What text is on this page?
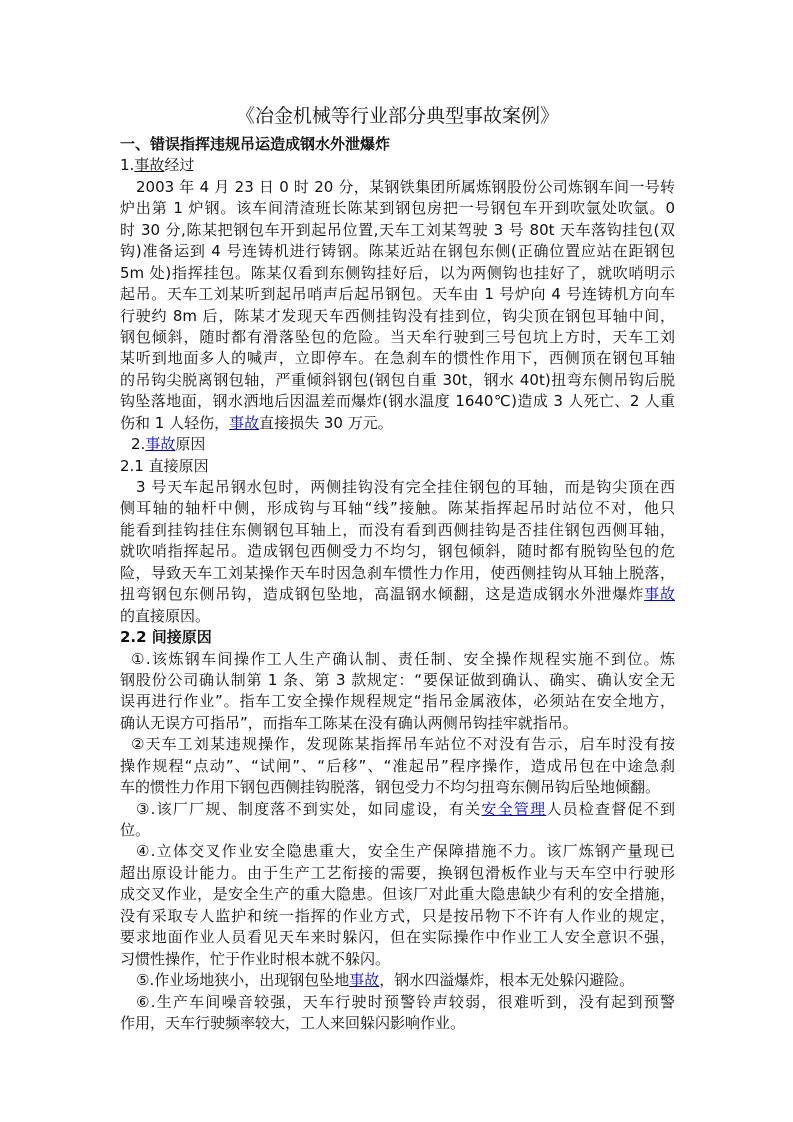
《冶金机械等行业部分典型事故案例》
一、错误指挥违规吊运造成钢水外泄爆炸
1.事故经过
2003 年 4 月 23 日 0 时 20 分，某钢铁集团所属炼钢股份公司炼钢车间一号转
炉出第 1 炉钢。该车间清渣班长陈某到钢包房把一号钢包车开到吹氩处吹氩。0
时 30 分,陈某把钢包车开到起吊位置,天车工刘某驾驶 3 号 80t 天车落钩挂包(双
钩)准备运到 4 号连铸机进行铸钢。陈某近站在钢包东侧(正确位置应站在距钢包
5m 处)指挥挂包。陈某仅看到东侧钩挂好后，以为两侧钩也挂好了，就吹哨明示
起吊。天车工刘某听到起吊哨声后起吊钢包。天车由 1 号炉向 4 号连铸机方向车
行驶约 8m 后，陈某才发现天车西侧挂钩没有挂到位，钩尖顶在钢包耳轴中间，
钢包倾斜，随时都有滑落坠包的危险。当天牟行驶到三号包坑上方时，天车工刘
某听到地面多人的喊声，立即停车。在急刹车的惯性作用下，西侧顶在钢包耳轴
的吊钩尖脱离钢包轴，严重倾斜钢包(钢包自重 30t，钢水 40t)扭弯东侧吊钩后脱
钩坠落地面，钢水洒地后因温差而爆炸(钢水温度 1640℃)造成 3 人死亡、2 人重
伤和 1 人轻伤，事故直接损失 30 万元。
2.事故原因
2.1 直接原因
3 号天车起吊钢水包时，两侧挂钩没有完全挂住钢包的耳轴，而是钩尖顶在西
侧耳轴的轴杆中侧，形成钩与耳轴“线”接触。陈某指挥起吊时站位不对，他只
能看到挂钩挂住东侧钢包耳轴上，而没有看到西侧挂钩是否挂住钢包西侧耳轴，
就吹哨指挥起吊。造成钢包西侧受力不均匀，钢包倾斜，随时都有脱钩坠包的危
险，导致天车工刘某操作天车时因急刹车惯性力作用，使西侧挂钩从耳轴上脱落，
扭弯钢包东侧吊钩，造成钢包坠地，高温钢水倾翻，这是造成钢水外泄爆炸事故
的直接原因。
2.2 间接原因
①.该炼钢车间操作工人生产确认制、责任制、安全操作规程实施不到位。炼
钢股份公司确认制第 1 条、第 3 款规定：“要保证做到确认、确实、确认安全无
误再进行作业”。指车工安全操作规程规定“指吊金属液体，必须站在安全地方，
确认无误方可指吊”，而指车工陈某在没有确认两侧吊钩挂牢就指吊。
②天车工刘某违规操作，发现陈某指挥吊车站位不对没有告示，启车时没有按
操作规程“点动”、“试闸”、“后移”、“准起吊”程序操作，造成吊包在中途急刹
车的惯性力作用下钢包西侧挂钩脱落，钢包受力不均匀扭弯东侧吊钩后坠地倾翻。
③.该厂厂规、制度落不到实处，如同虚设，有关安全管理人员检查督促不到
位。
④.立体交叉作业安全隐患重大，安全生产保障措施不力。该厂炼钢产量现已
超出原设计能力。由于生产工艺衔接的需要，换钢包滑板作业与天车空中行驶形
成交叉作业，是安全生产的重大隐患。但该厂对此重大隐患缺少有利的安全措施，
没有采取专人监护和统一指挥的作业方式，只是按吊物下不许有人作业的规定，
要求地面作业人员看见天车来时躲闪，但在实际操作中作业工人安全意识不强，
习惯性操作，忙于作业时根本就不躲闪。
⑤.作业场地狭小，出现钢包坠地事故，钢水四溢爆炸，根本无处躲闪避险。
⑥.生产车间噪音较强，天车行驶时预警铃声较弱，很难听到，没有起到预警
作用，天车行驶频率较大，工人来回躲闪影响作业。
